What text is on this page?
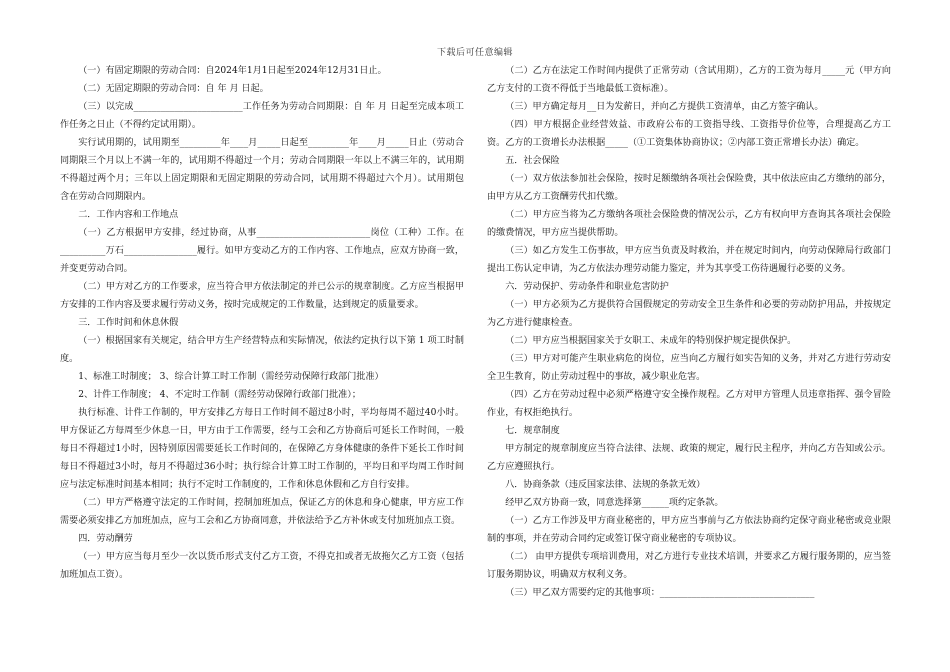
下载后可任意编辑

（一）有固定期限的劳动合同：自2024年1月1日起至2024年12月31日止。

（二）无固定期限的劳动合同：自 年 月 日起。

（三）以完成________________________工作任务为劳动合同期限：自 年 月 日起至完成本项工作任务之日止（不得约定试用期）。

实行试用期的，试用期至_________年____月_____日起至_________年____月_____日止（劳动合同期限三个月以上不满一年的，试用期不得超过一个月；劳动合同期限一年以上不满三年的，试用期不得超过两个月；三年以上固定期限和无固定期限的劳动合同，试用期不得超过六个月）。试用期包含在劳动合同期限内。

二．工作内容和工作地点

（一）乙方根据甲方安排，经过协商，从事_________________________岗位（工种）工作。在__________万石________________履行。如甲方变动乙方的工作内容、工作地点，应双方协商一致，并变更劳动合同。

（二）甲方对乙方的工作要求，应当符合甲方依法制定的并已公示的规章制度。乙方应当根据甲方安排的工作内容及要求履行劳动义务，按时完成规定的工作数量，达到规定的质量要求。

三．工作时间和休息休假

（一）根据国家有关规定，结合甲方生产经营特点和实际情况，依法约定执行以下第 1 项工时制度。

1、标准工时制度； 3、综合计算工时工作制（需经劳动保障行政部门批准）

2、计件工作制度； 4、不定时工作制（需经劳动保障行政部门批准）；

执行标准、计件工作制的，甲方安排乙方每日工作时间不超过8小时，平均每周不超过40小时。甲方保证乙方每周至少休息一日，甲方由于工作需要，经与工会和乙方协商后可延长工作时间，一般每日不得超过1小时，因特别原因需要延长工作时间的，在保障乙方身体健康的条件下延长工作时间每日不得超过3小时，每月不得超过36小时；执行综合计算工时工作制的，平均日和平均周工作时间应与法定标准时间基本相同；执行不定时工作制度的，工作和休息休假和乙方自行安排。

（二）甲方严格遵守法定的工作时间，控制加班加点，保证乙方的休息和身心健康，甲方应工作需要必须安排乙方加班加点，应与工会和乙方协商同意，并依法给予乙方补休或支付加班加点工资。

四．劳动酬劳

（一）甲方应当每月至少一次以货币形式支付乙方工资，不得克扣或者无故拖欠乙方工资（包括加班加点工资）。

（二）乙方在法定工作时间内提供了正常劳动（含试用期），乙方的工资为每月_____元（甲方向乙方支付的工资不得低于当地最低工资标准）。

（三）甲方确定每月__日为发薪日，并向乙方提供工资清单，由乙方签字确认。

（四）甲方根据企业经营效益、市政府公布的工资指导线、工资指导价位等，合理提高乙方工资。乙方的工资增长办法根据_____（①工资集体协商协议；②内部工资正常增长办法）确定。

五．社会保险

（一）双方依法参加社会保险，按时足额缴纳各项社会保险费，其中依法应由乙方缴纳的部分，由甲方从乙方工资酬劳代扣代缴。

（二）甲方应当将为乙方缴纳各项社会保险费的情况公示，乙方有权向甲方查询其各项社会保险的缴费情况，甲方应当提供帮助。

（三）如乙方发生工伤事故，甲方应当负责及时救治，并在规定时间内，向劳动保障局行政部门提出工伤认定申请，为乙方依法办理劳动能力鉴定，并为其享受工伤待遇履行必要的义务。

六．劳动保护、劳动条件和职业危害防护

（一）甲方必须为乙方提供符合国假规定的劳动安全卫生条件和必要的劳动防护用品，并按规定为乙方进行健康检查。

（二）甲方应当根据国家关于女职工、未成年的特别保护规定提供保护。

（三）甲方对可能产生职业病危的岗位，应当向乙方履行如实告知的义务，并对乙方进行劳动安全卫生教育，防止劳动过程中的事故，减少职业危害。

（四）乙方在劳动过程中必须严格遵守安全操作规程。乙方对甲方管理人员违章指挥、强令冒险作业，有权拒绝执行。

七．规章制度

甲方制定的规章制度应当符合法律、法规、政策的规定，履行民主程序，并向乙方告知或公示。乙方应遵照执行。

八．协商条款（违反国家法律、法规的条款无效）

经甲乙双方协商一致，同意选择第______项约定条款。

（一）乙方工作涉及甲方商业秘密的，甲方应当事前与乙方依法协商约定保守商业秘密或竞业限制的事项，并在劳动合同约定或签订保守商业秘密的专项协议。

（二） 由甲方提供专项培训费用，对乙方进行专业技术培训，并要求乙方履行服务期的，应当签订服务期协议，明确双方权利义务。

（三）甲乙双方需要约定的其他事项：__________________________________
